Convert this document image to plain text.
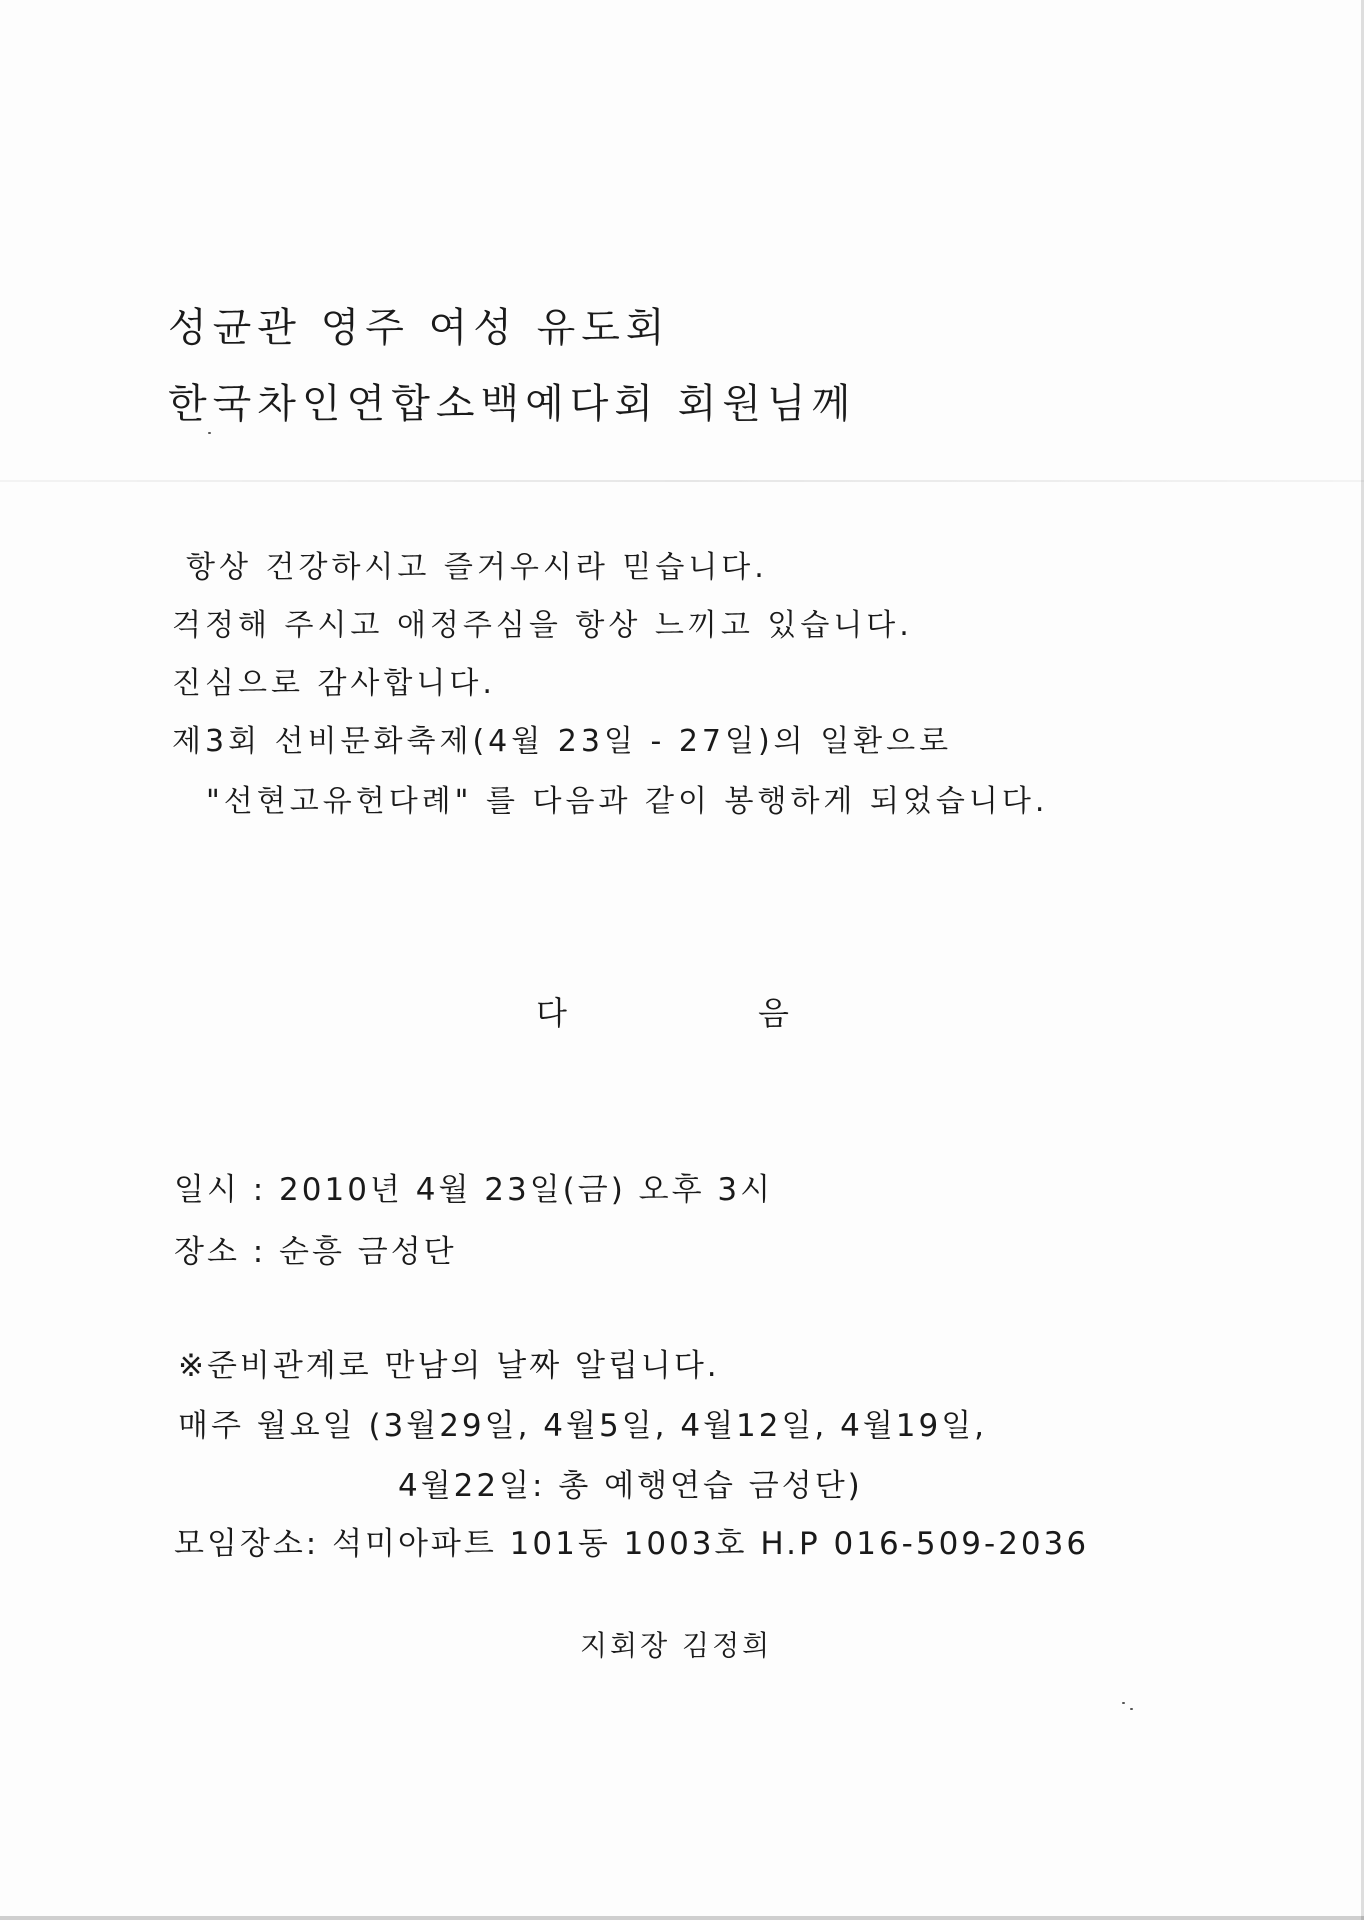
성균관 영주 여성 유도회
한국차인연합소백예다회 회원님께
항상 건강하시고 즐거우시라 믿습니다.
걱정해 주시고 애정주심을 항상 느끼고 있습니다.
진심으로 감사합니다.
제3회 선비문화축제(4월 23일 - 27일)의 일환으로
"선현고유헌다례" 를 다음과 같이 봉행하게 되었습니다.
다	음
일시 : 2010년 4월 23일(금) 오후 3시
장소 : 순흥 금성단
※준비관계로 만남의 날짜 알립니다.
매주 월요일 (3월29일, 4월5일, 4월12일, 4월19일,
4월22일: 총 예행연습 금성단)
모임장소: 석미아파트 101동 1003호 H.P 016-509-2036
지회장 김정희
